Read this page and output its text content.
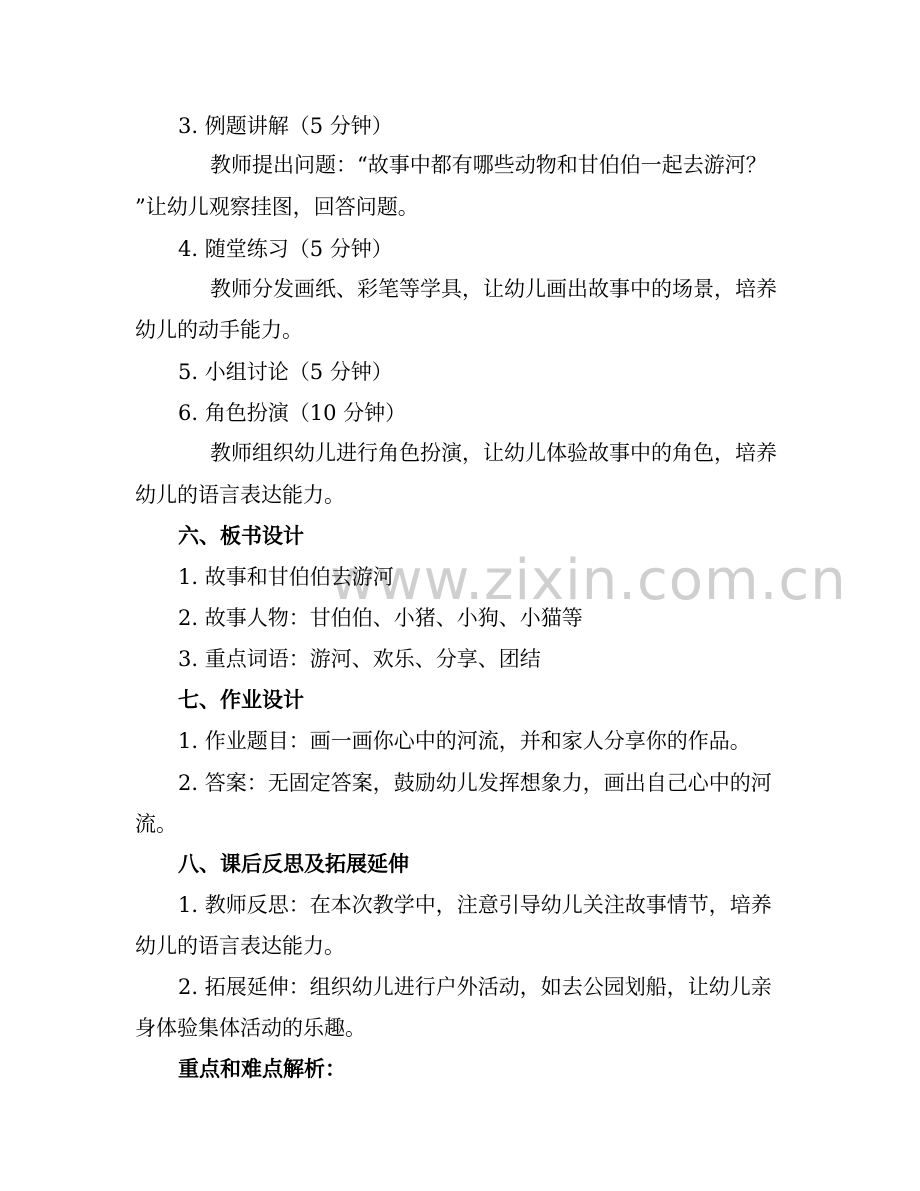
www.zixin.com.cn
3. 例题讲解（5 分钟）
教师提出问题：“故事中都有哪些动物和甘伯伯一起去游河？
”让幼儿观察挂图，回答问题。
4. 随堂练习（5 分钟）
教师分发画纸、彩笔等学具，让幼儿画出故事中的场景，培养
幼儿的动手能力。
5. 小组讨论（5 分钟）
6. 角色扮演（10 分钟）
教师组织幼儿进行角色扮演，让幼儿体验故事中的角色，培养
幼儿的语言表达能力。
六、板书设计
1. 故事和甘伯伯去游河
2. 故事人物：甘伯伯、小猪、小狗、小猫等
3. 重点词语：游河、欢乐、分享、团结
七、作业设计
1. 作业题目：画一画你心中的河流，并和家人分享你的作品。
2. 答案：无固定答案，鼓励幼儿发挥想象力，画出自己心中的河
流。
八、课后反思及拓展延伸
1. 教师反思：在本次教学中，注意引导幼儿关注故事情节，培养
幼儿的语言表达能力。
2. 拓展延伸：组织幼儿进行户外活动，如去公园划船，让幼儿亲
身体验集体活动的乐趣。
重点和难点解析：
